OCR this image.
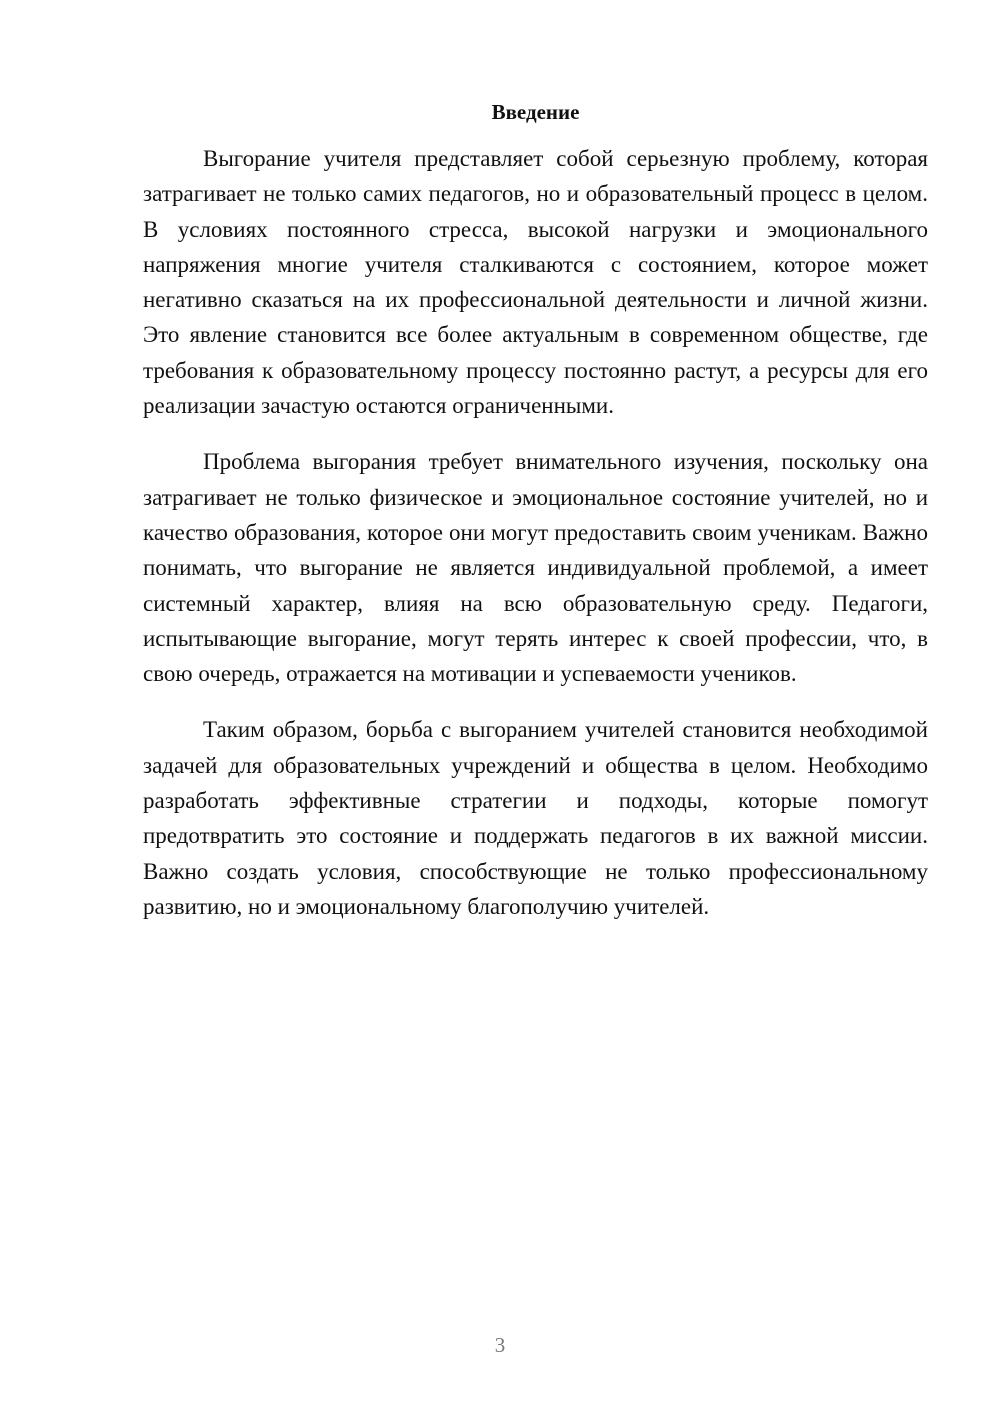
Введение

Выгорание учителя представляет собой серьезную проблему, которая затрагивает не только самих педагогов, но и образовательный процесс в целом. В условиях постоянного стресса, высокой нагрузки и эмоционального напряжения многие учителя сталкиваются с состоянием, которое может негативно сказаться на их профессиональной деятельности и личной жизни. Это явление становится все более актуальным в современном обществе, где требования к образовательному процессу постоянно растут, а ресурсы для его реализации зачастую остаются ограниченными.

Проблема выгорания требует внимательного изучения, поскольку она затрагивает не только физическое и эмоциональное состояние учителей, но и качество образования, которое они могут предоставить своим ученикам. Важно понимать, что выгорание не является индивидуальной проблемой, а имеет системный характер, влияя на всю образовательную среду. Педагоги, испытывающие выгорание, могут терять интерес к своей профессии, что, в свою очередь, отражается на мотивации и успеваемости учеников.

Таким образом, борьба с выгоранием учителей становится необходимой задачей для образовательных учреждений и общества в целом. Необходимо разработать эффективные стратегии и подходы, которые помогут предотвратить это состояние и поддержать педагогов в их важной миссии. Важно создать условия, способствующие не только профессиональному развитию, но и эмоциональному благополучию учителей.

3
